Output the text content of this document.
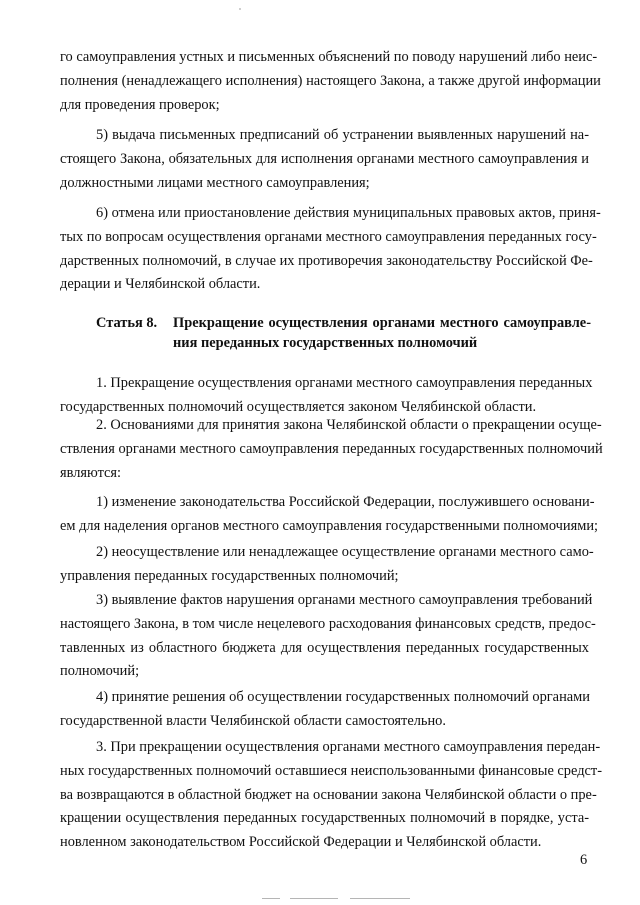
го самоуправления устных и письменных объяснений по поводу нарушений либо неис-
полнения (ненадлежащего исполнения) настоящего Закона, а также другой информации
для проведения проверок;
5) выдача письменных предписаний об устранении выявленных нарушений на-
стоящего Закона, обязательных для исполнения органами местного самоуправления и
должностными лицами местного самоуправления;
6) отмена или приостановление действия муниципальных правовых актов, приня-
тых по вопросам осуществления органами местного самоуправления переданных госу-
дарственных полномочий, в случае их противоречия законодательству Российской Фе-
дерации и Челябинской области.
Статья 8. Прекращение осуществления органами местного самоуправле-
ния переданных государственных полномочий
1. Прекращение осуществления органами местного самоуправления переданных
государственных полномочий осуществляется законом Челябинской области.
2. Основаниями для принятия закона Челябинской области о прекращении осуще-
ствления органами местного самоуправления переданных государственных полномочий
являются:
1) изменение законодательства Российской Федерации, послужившего основани-
ем для наделения органов местного самоуправления государственными полномочиями;
2) неосуществление или ненадлежащее осуществление органами местного само-
управления переданных государственных полномочий;
3) выявление фактов нарушения органами местного самоуправления требований
настоящего Закона, в том числе нецелевого расходования финансовых средств, предос-
тавленных из областного бюджета для осуществления переданных государственных
полномочий;
4) принятие решения об осуществлении государственных полномочий органами
государственной власти Челябинской области самостоятельно.
3. При прекращении осуществления органами местного самоуправления передан-
ных государственных полномочий оставшиеся неиспользованными финансовые средст-
ва возвращаются в областной бюджет на основании закона Челябинской области о пре-
кращении осуществления переданных государственных полномочий в порядке, уста-
новленном законодательством Российской Федерации и Челябинской области.
6
